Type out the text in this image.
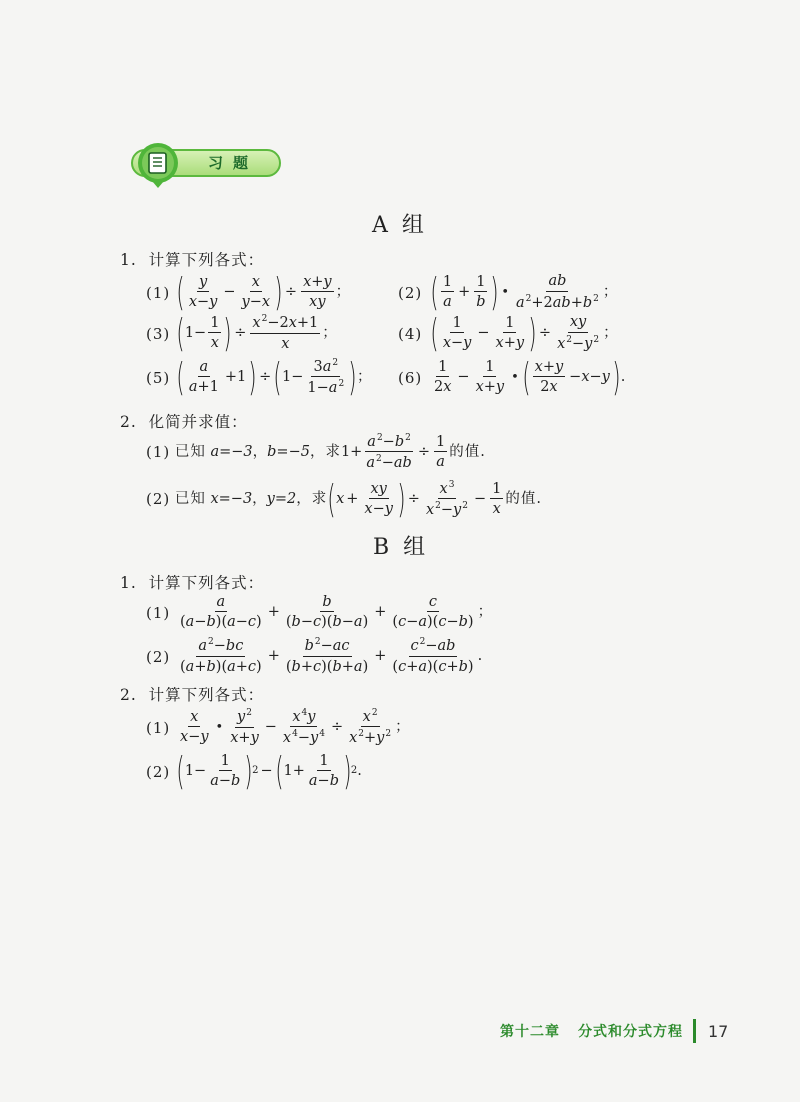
习题
A组
1. 计算下列各式：
(1) ( $\frac{y}{x-y} - \frac{x}{y-x}$ ) ÷ $\frac{x+y}{xy}$ ；	(2) ( $\frac{1}{a} + \frac{1}{b}$ ) • $\frac{ab}{a^2+2ab+b^2}$ ；
(3) ( $1- \frac{1}{x}$ ) ÷ $\frac{x^2-2x+1}{x}$ ；	(4) ( $\frac{1}{x-y} - \frac{1}{x+y}$ ) ÷ $\frac{xy}{x^2-y^2}$ ；
(5) ( $\frac{a}{a+1} +1$ ) ÷ ( $1- \frac{3a^2}{1-a^2}$ ) ； $(6) \frac{1}{2x} - \frac{1}{x+y}$ • ( $\frac{x+y}{2x} -x-y$ ) .
2. 化简并求值：
(1)
已知
a=−3 ， b=−5 ，求 $1+ \frac{a^2-b^2}{a^2-ab} \div \frac{1}{a}$ 的值.
(2)
已知
x=−3 ， y=2 ，求 ( $x + \frac{xy}{x-y}$ ) ÷ $\frac{x^3}{x^2-y^2} - \frac{1}{x}$ 的值.
B组
1. 计算下列各式：
$(1) \frac{a}{(a-b)(a-c)} + \frac{b}{(b-c)(b-a)} + \frac{c}{(c-a)(c-b)}$ ；
$(2) \frac{a^2-bc}{(a+b)(a+c)} + \frac{b^2-ac}{(b+c)(b+a)} + \frac{c^2-ab}{(c+a)(c+b)}$ .
2. 计算下列各式：
$(1) \frac{x}{x-y}$ • $\frac{y^2}{x+y} - \frac{x^4y}{x^4-y^4} \div \frac{x^2}{x^2+y^2}$ ；
(2) ( $1- \frac{1}{a-b}$ ) 2 − ( $1+ \frac{1}{a-b}$ ) 2 .
第十二章 分式和分式方程 17
